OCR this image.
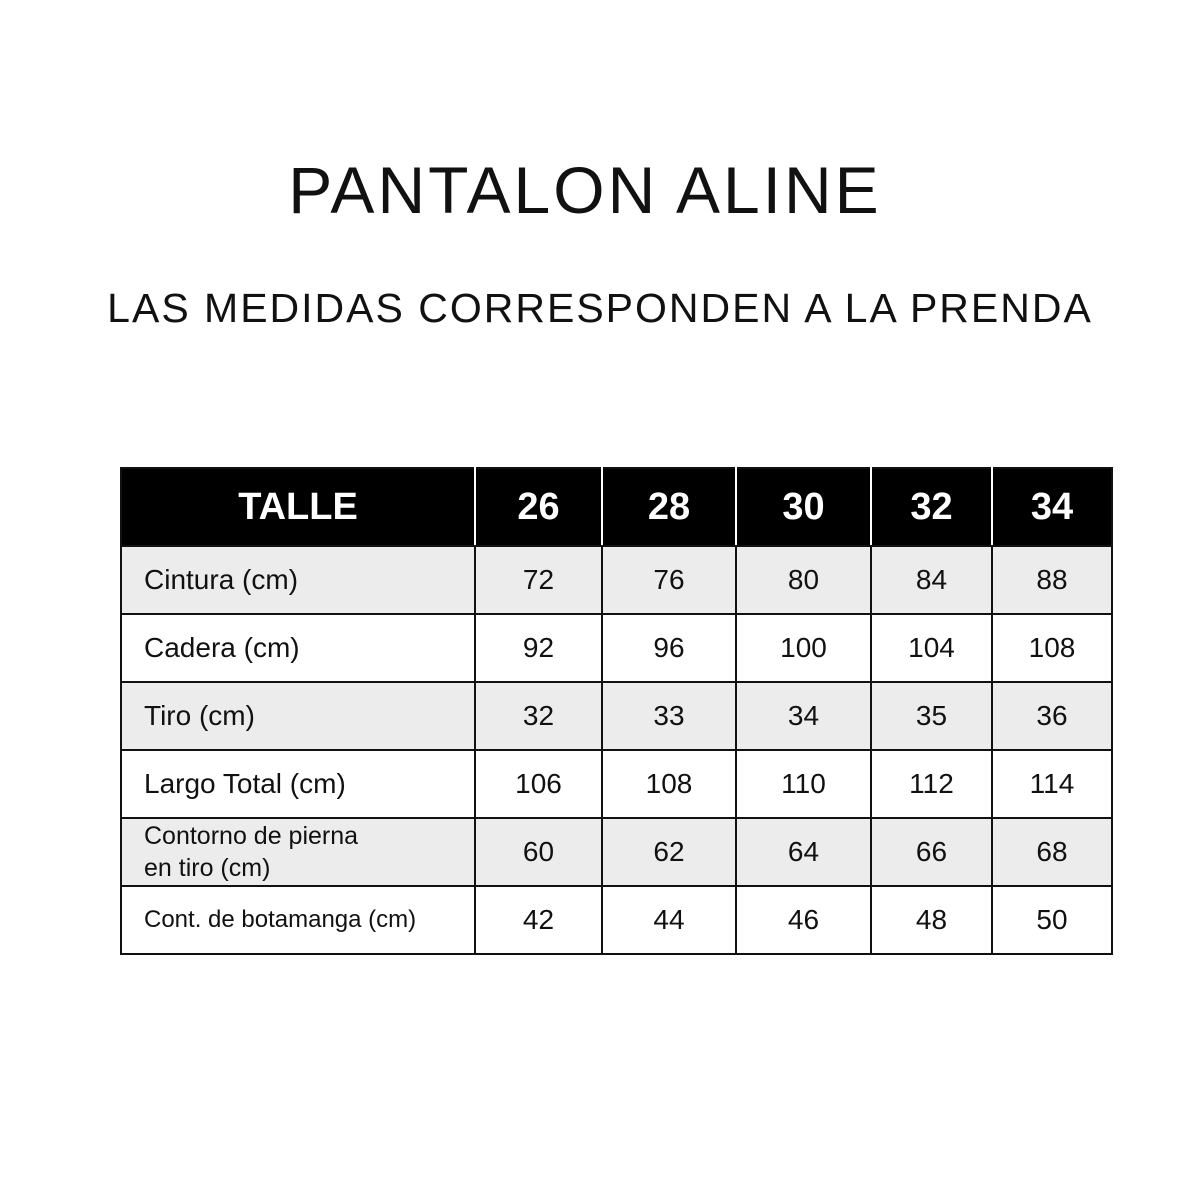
PANTALON ALINE
LAS MEDIDAS CORRESPONDEN A LA PRENDA
TALLE	26	28	30	32	34
Cintura (cm)	72	76	80	84	88
Cadera (cm)	92	96	100	104	108
Tiro (cm)	32	33	34	35	36
Largo Total (cm)	106	108	110	112	114

Contorno de pierna
en tiro (cm)	60	62	64	66	68
Cont. de botamanga (cm)	42	44	46	48	50
